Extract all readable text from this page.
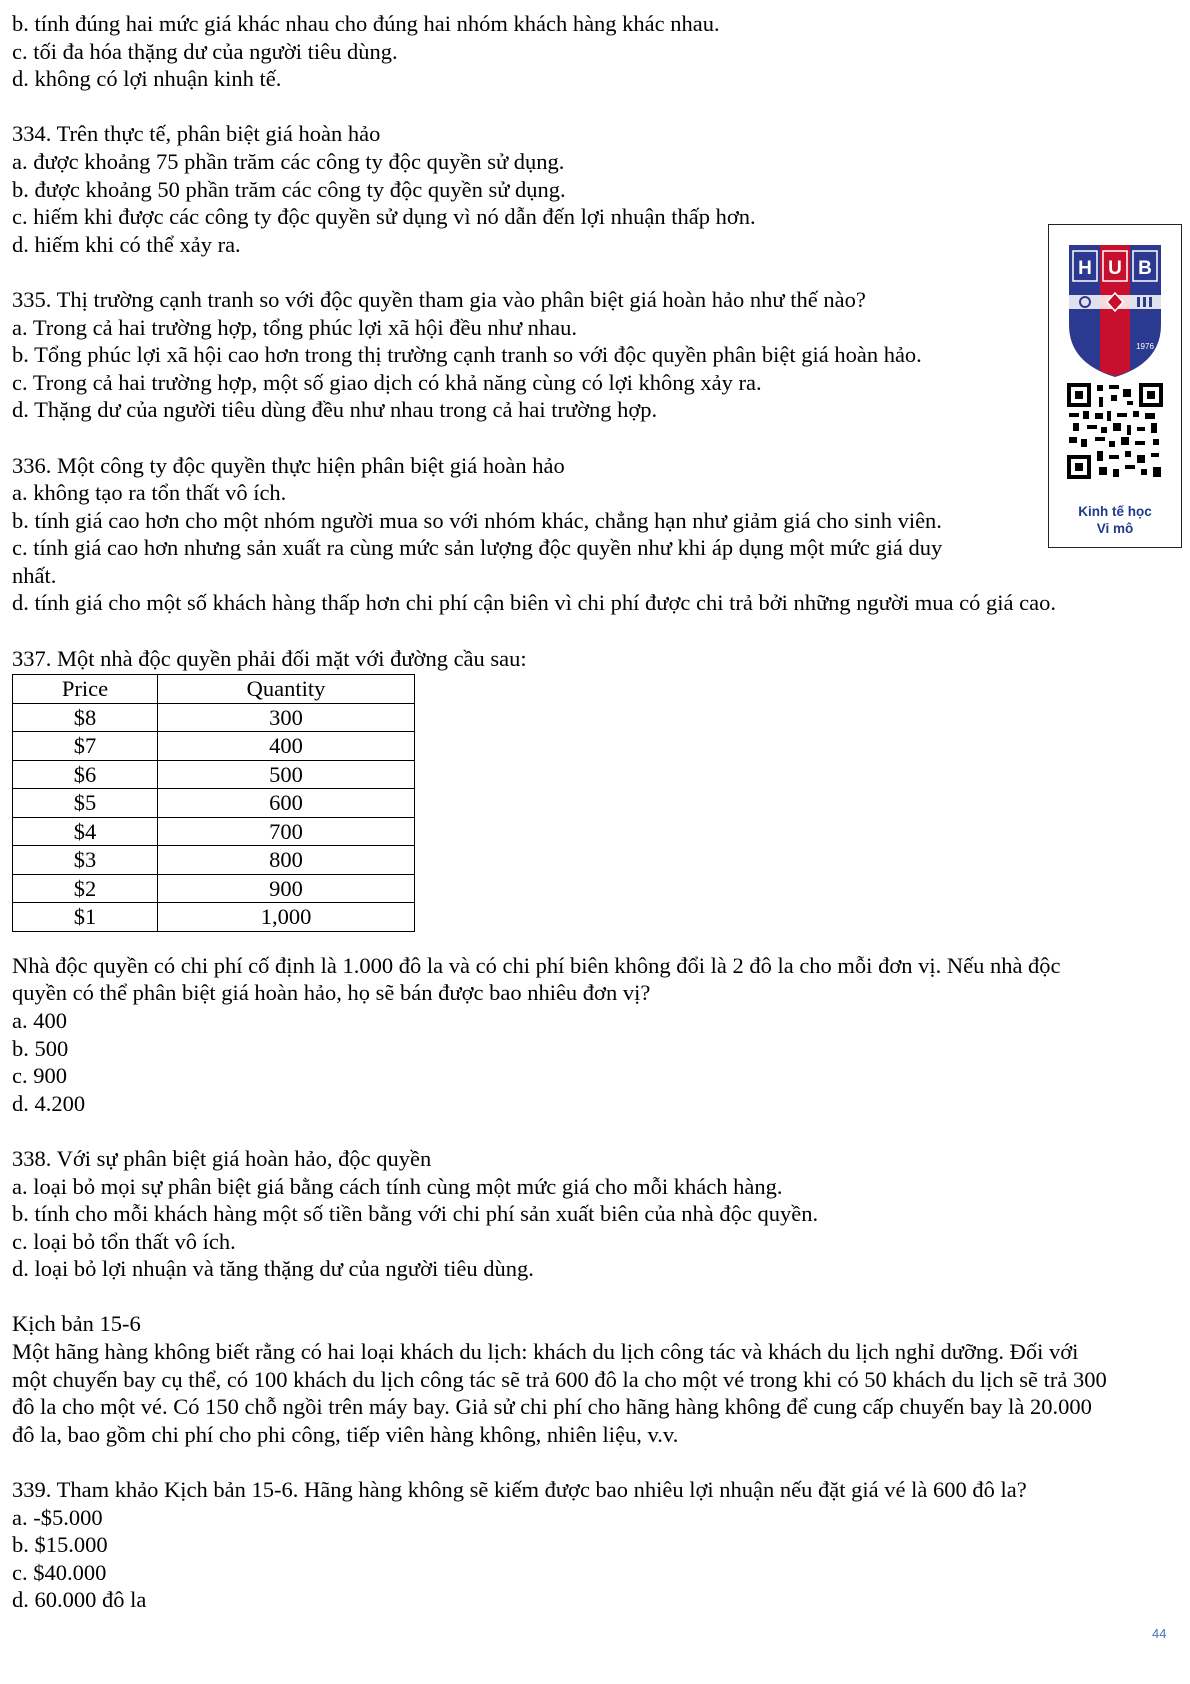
b. tính đúng hai mức giá khác nhau cho đúng hai nhóm khách hàng khác nhau.
c. tối đa hóa thặng dư của người tiêu dùng.
d. không có lợi nhuận kinh tế.
334. Trên thực tế, phân biệt giá hoàn hảo
a. được khoảng 75 phần trăm các công ty độc quyền sử dụng.
b. được khoảng 50 phần trăm các công ty độc quyền sử dụng.
c. hiếm khi được các công ty độc quyền sử dụng vì nó dẫn đến lợi nhuận thấp hơn.
d. hiếm khi có thể xảy ra.
335. Thị trường cạnh tranh so với độc quyền tham gia vào phân biệt giá hoàn hảo như thế nào?
a. Trong cả hai trường hợp, tổng phúc lợi xã hội đều như nhau.
b. Tổng phúc lợi xã hội cao hơn trong thị trường cạnh tranh so với độc quyền phân biệt giá hoàn hảo.
c. Trong cả hai trường hợp, một số giao dịch có khả năng cùng có lợi không xảy ra.
d. Thặng dư của người tiêu dùng đều như nhau trong cả hai trường hợp.
336. Một công ty độc quyền thực hiện phân biệt giá hoàn hảo
a. không tạo ra tổn thất vô ích.
b. tính giá cao hơn cho một nhóm người mua so với nhóm khác, chẳng hạn như giảm giá cho sinh viên.
c. tính giá cao hơn nhưng sản xuất ra cùng mức sản lượng độc quyền như khi áp dụng một mức giá duy
nhất.
d. tính giá cho một số khách hàng thấp hơn chi phí cận biên vì chi phí được chi trả bởi những người mua có giá cao.
337. Một nhà độc quyền phải đối mặt với đường cầu sau:
Price	Quantity
$8	300
$7	400
$6	500
$5	600
$4	700
$3	800
$2	900
$1	1,000
Nhà độc quyền có chi phí cố định là 1.000 đô la và có chi phí biên không đổi là 2 đô la cho mỗi đơn vị. Nếu nhà độc
quyền có thể phân biệt giá hoàn hảo, họ sẽ bán được bao nhiêu đơn vị?
a. 400
b. 500
c. 900
d. 4.200
338. Với sự phân biệt giá hoàn hảo, độc quyền
a. loại bỏ mọi sự phân biệt giá bằng cách tính cùng một mức giá cho mỗi khách hàng.
b. tính cho mỗi khách hàng một số tiền bằng với chi phí sản xuất biên của nhà độc quyền.
c. loại bỏ tổn thất vô ích.
d. loại bỏ lợi nhuận và tăng thặng dư của người tiêu dùng.
Kịch bản 15-6
Một hãng hàng không biết rằng có hai loại khách du lịch: khách du lịch công tác và khách du lịch nghỉ dưỡng. Đối với
một chuyến bay cụ thể, có 100 khách du lịch công tác sẽ trả 600 đô la cho một vé trong khi có 50 khách du lịch sẽ trả 300
đô la cho một vé. Có 150 chỗ ngồi trên máy bay. Giả sử chi phí cho hãng hàng không để cung cấp chuyến bay là 20.000
đô la, bao gồm chi phí cho phi công, tiếp viên hàng không, nhiên liệu, v.v.
339. Tham khảo Kịch bản 15-6. Hãng hàng không sẽ kiếm được bao nhiêu lợi nhuận nếu đặt giá vé là 600 đô la?
a. -$5.000
b. $15.000
c. $40.000
d. 60.000 đô la
H U B
1976
Kinh tế học
Vi mô
44
